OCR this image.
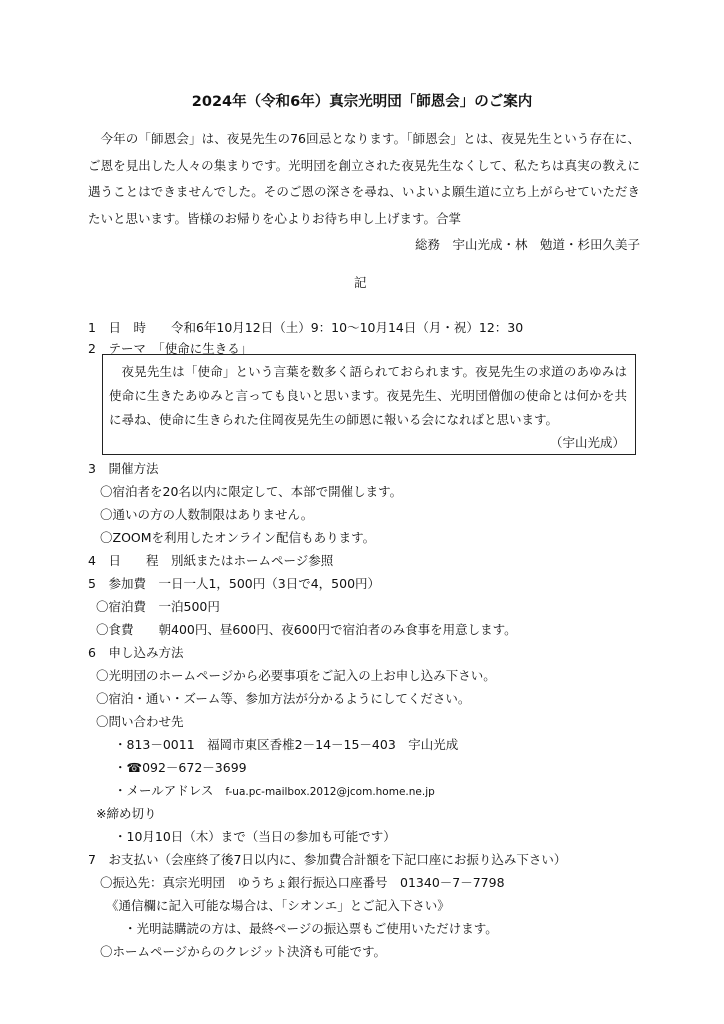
2024年（令和6年）真宗光明団「師恩会」のご案内

今年の「師恩会」は、夜晃先生の76回忌となります。「師恩会」とは、夜晃先生という存在に、ご恩を見出した人々の集まりです。光明団を創立された夜晃先生なくして、私たちは真実の教えに遇うことはできませんでした。そのご恩の深さを尋ね、いよいよ願生道に立ち上がらせていただきたいと思います。皆様のお帰りを心よりお待ち申し上げます。合掌

総務　宇山光成・林　勉道・杉田久美子
記
1　日　時　　令和6年10月12日（土）9：10～10月14日（月・祝）12：30
2　テーマ　「使命に生きる」

夜晃先生は「使命」という言葉を数多く語られておられます。夜晃先生の求道のあゆみは使命に生きたあゆみと言っても良いと思います。夜晃先生、光明団僧伽の使命とは何かを共に尋ね、使命に生きられた住岡夜晃先生の師恩に報いる会になればと思います。

（宇山光成）
3　開催方法
〇宿泊者を20名以内に限定して、本部で開催します。
〇通いの方の人数制限はありません。
〇ZOOMを利用したオンライン配信もあります。
4　日　　程　別紙またはホームページ参照
5　参加費　一日一人1，500円（3日で4，500円）
〇宿泊費　一泊500円
〇食費　　朝400円、昼600円、夜600円で宿泊者のみ食事を用意します。
6　申し込み方法
〇光明団のホームページから必要事項をご記入の上お申し込み下さい。
〇宿泊・通い・ズーム等、参加方法が分かるようにしてください。
〇問い合わせ先
・813－0011　福岡市東区香椎2－14－15－403　宇山光成
・☎092－672－3699
・メールアドレス f-ua.pc-mailbox.2012@jcom.home.ne.jp
※締め切り
・10月10日（木）まで（当日の参加も可能です）
7　お支払い（会座終了後7日以内に、参加費合計額を下記口座にお振り込み下さい）
〇振込先：真宗光明団　ゆうちょ銀行振込口座番号　01340－7－7798
《通信欄に記入可能な場合は、「シオンエ」とご記入下さい》
・光明誌購読の方は、最終ページの振込票もご使用いただけます。
〇ホームページからのクレジット決済も可能です。
